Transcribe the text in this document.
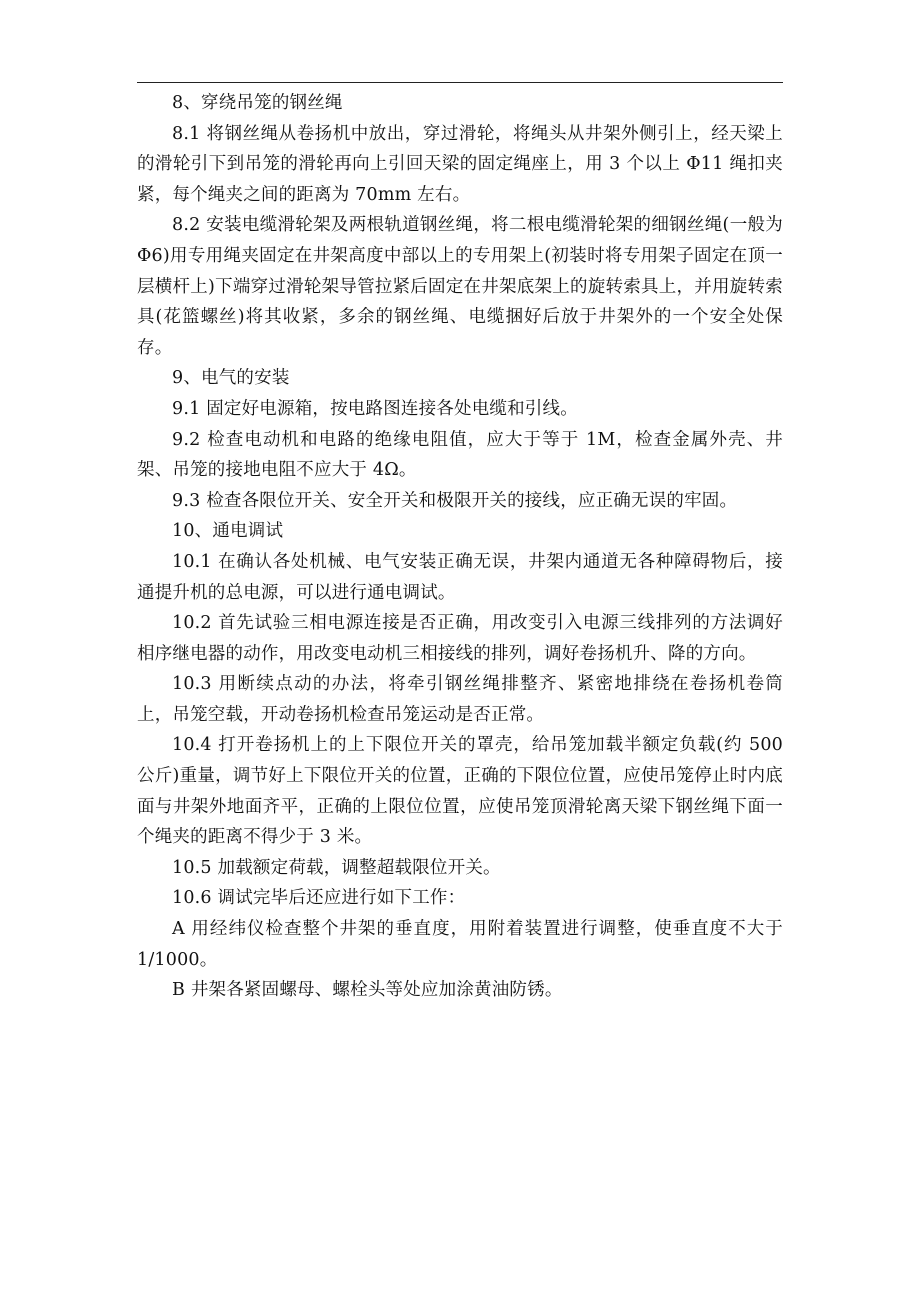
8、穿绕吊笼的钢丝绳

8.1 将钢丝绳从卷扬机中放出，穿过滑轮，将绳头从井架外侧引上，经天梁上的滑轮引下到吊笼的滑轮再向上引回天梁的固定绳座上，用 3 个以上 Φ11 绳扣夹紧，每个绳夹之间的距离为 70mm 左右。

8.2 安装电缆滑轮架及两根轨道钢丝绳，将二根电缆滑轮架的细钢丝绳(一般为 Φ6)用专用绳夹固定在井架高度中部以上的专用架上(初装时将专用架子固定在顶一层横杆上)下端穿过滑轮架导管拉紧后固定在井架底架上的旋转索具上，并用旋转索具(花篮螺丝)将其收紧，多余的钢丝绳、电缆捆好后放于井架外的一个安全处保存。

9、电气的安装

9.1 固定好电源箱，按电路图连接各处电缆和引线。

9.2 检查电动机和电路的绝缘电阻值，应大于等于 1M，检查金属外壳、井架、吊笼的接地电阻不应大于 4Ω。

9.3 检查各限位开关、安全开关和极限开关的接线，应正确无误的牢固。

10、通电调试

10.1 在确认各处机械、电气安装正确无误，井架内通道无各种障碍物后，接通提升机的总电源，可以进行通电调试。

10.2 首先试验三相电源连接是否正确，用改变引入电源三线排列的方法调好相序继电器的动作，用改变电动机三相接线的排列，调好卷扬机升、降的方向。

10.3 用断续点动的办法，将牵引钢丝绳排整齐、紧密地排绕在卷扬机卷筒上，吊笼空载，开动卷扬机检查吊笼运动是否正常。

10.4 打开卷扬机上的上下限位开关的罩壳，给吊笼加载半额定负载(约 500 公斤)重量，调节好上下限位开关的位置，正确的下限位位置，应使吊笼停止时内底面与井架外地面齐平，正确的上限位位置，应使吊笼顶滑轮离天梁下钢丝绳下面一个绳夹的距离不得少于 3 米。

10.5 加载额定荷载，调整超载限位开关。

10.6 调试完毕后还应进行如下工作：

A 用经纬仪检查整个井架的垂直度，用附着装置进行调整，使垂直度不大于 1/1000。

B 井架各紧固螺母、螺栓头等处应加涂黄油防锈。
